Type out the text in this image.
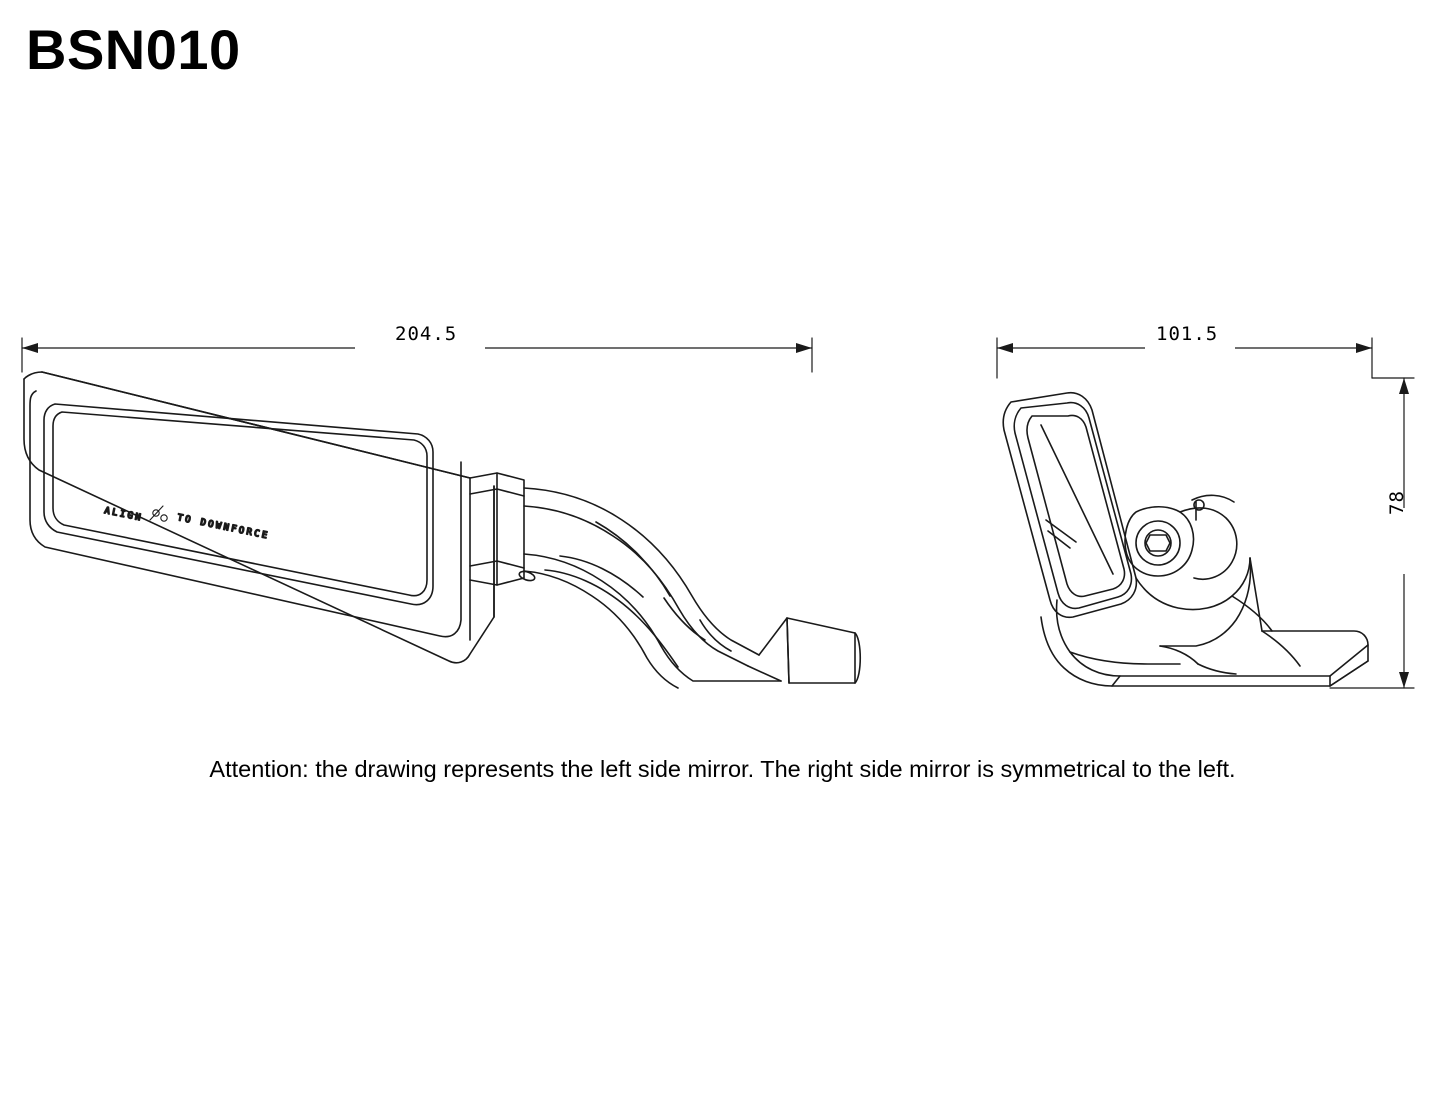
BSN010
ALIGN	TO DOWNFORCE
204.5	101.5
78
Attention: the drawing represents the left side mirror. The right side mirror is symmetrical to the left.
